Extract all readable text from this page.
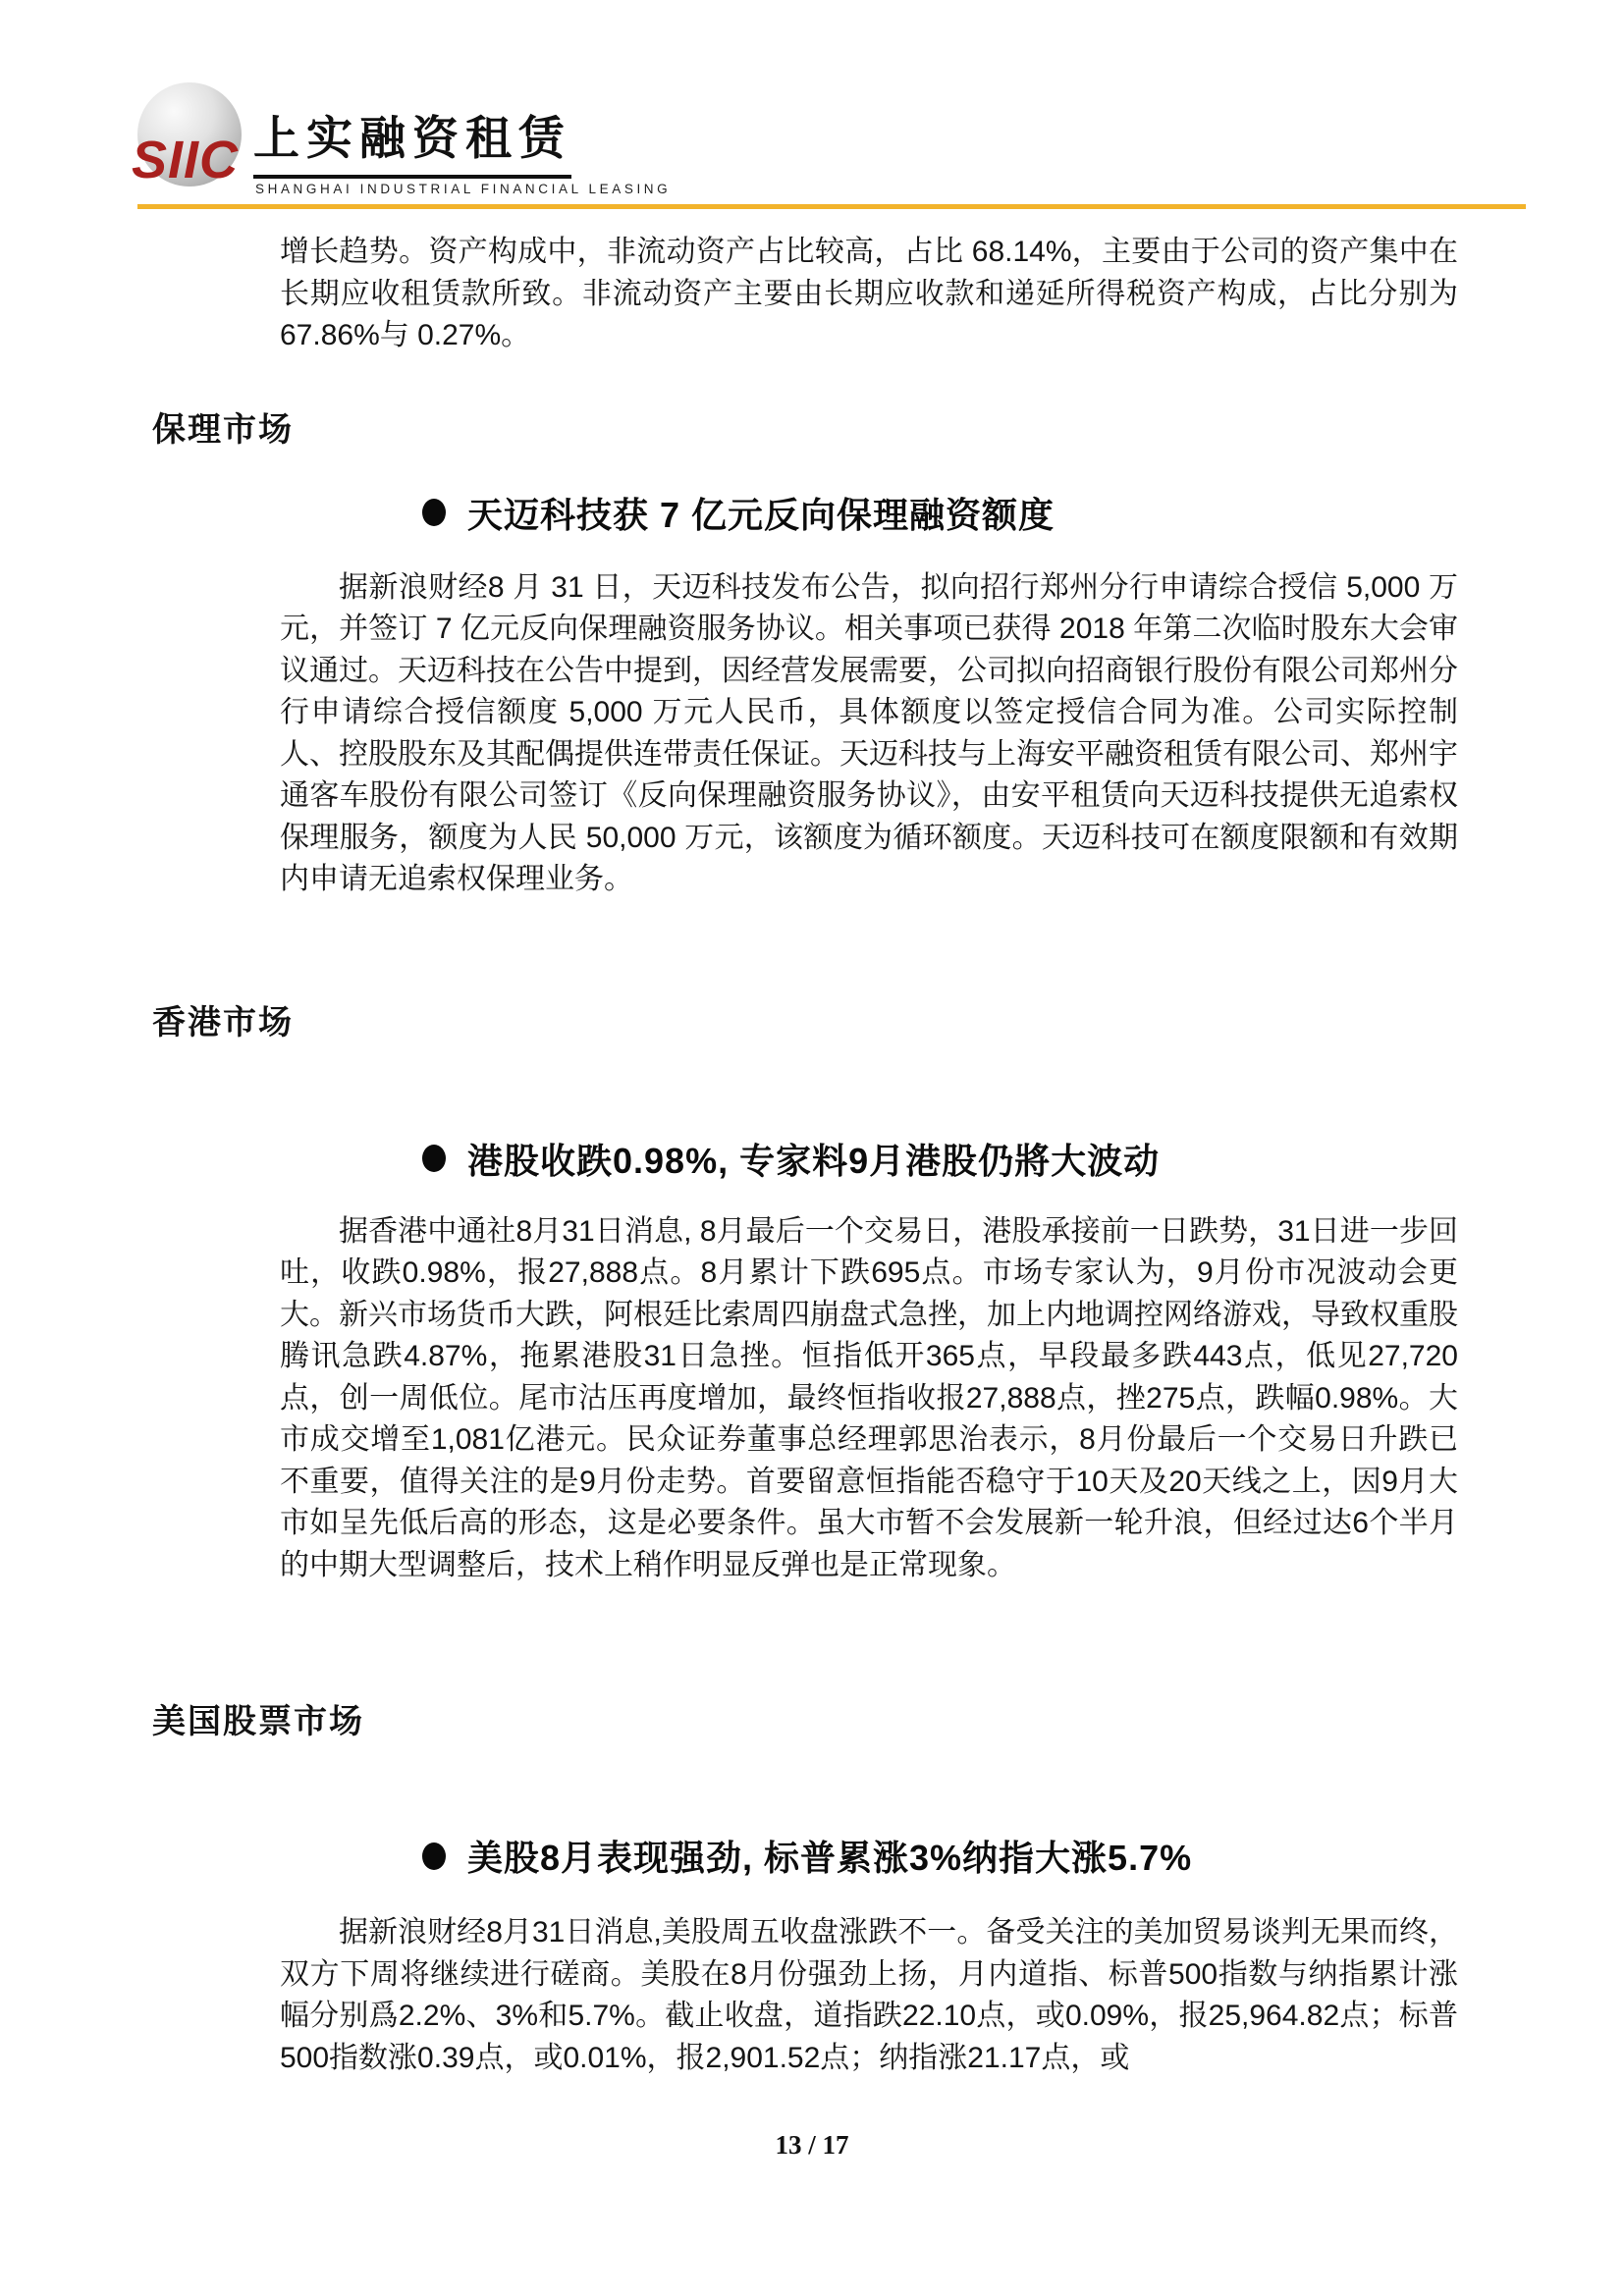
SIIC 上实融资租赁
SHANGHAI INDUSTRIAL FINANCIAL LEASING

增长趋势。资产构成中，非流动资产占比较高，占比 68.14%，主要由于公司的资产集中在长期应收租赁款所致。非流动资产主要由长期应收款和递延所得税资产构成，占比分别为 67.86%与 0.27%。

保理市场
天迈科技获 7 亿元反向保理融资额度

据新浪财经8 月 31 日，天迈科技发布公告，拟向招行郑州分行申请综合授信 5,000 万元，并签订 7 亿元反向保理融资服务协议。相关事项已获得 2018 年第二次临时股东大会审议通过。天迈科技在公告中提到，因经营发展需要，公司拟向招商银行股份有限公司郑州分行申请综合授信额度 5,000 万元人民币，具体额度以签定授信合同为准。公司实际控制人、控股股东及其配偶提供连带责任保证。天迈科技与上海安平融资租赁有限公司、郑州宇通客车股份有限公司签订《反向保理融资服务协议》，由安平租赁向天迈科技提供无追索权保理服务，额度为人民 50,000 万元，该额度为循环额度。天迈科技可在额度限额和有效期内申请无追索权保理业务。

香港市场
港股收跌0.98%, 专家料9月港股仍將大波动

据香港中通社8月31日消息, 8月最后一个交易日，港股承接前一日跌势，31日进一步回吐，收跌0.98%，报27,888点。8月累计下跌695点。市场专家认为，9月份市况波动会更大。新兴市场货币大跌，阿根廷比索周四崩盘式急挫，加上内地调控网络游戏，导致权重股腾讯急跌4.87%，拖累港股31日急挫。恒指低开365点，早段最多跌443点，低见27,720点，创一周低位。尾市沽压再度增加，最终恒指收报27,888点，挫275点，跌幅0.98%。大市成交增至1,081亿港元。民众证券董事总经理郭思治表示，8月份最后一个交易日升跌已不重要，值得关注的是9月份走势。首要留意恒指能否稳守于10天及20天线之上，因9月大市如呈先低后高的形态，这是必要条件。虽大市暂不会发展新一轮升浪，但经过达6个半月的中期大型调整后，技术上稍作明显反弹也是正常现象。

美国股票市场
美股8月表现强劲, 标普累涨3%纳指大涨5.7%

据新浪财经8月31日消息,美股周五收盘涨跌不一。备受关注的美加贸易谈判无果而终，双方下周将继续进行磋商。美股在8月份强劲上扬，月内道指、标普500指数与纳指累计涨幅分别爲2.2%、3%和5.7%。截止收盘，道指跌22.10点，或0.09%，报25,964.82点；标普500指数涨0.39点，或0.01%，报2,901.52点；纳指涨21.17点，或

13 / 17
